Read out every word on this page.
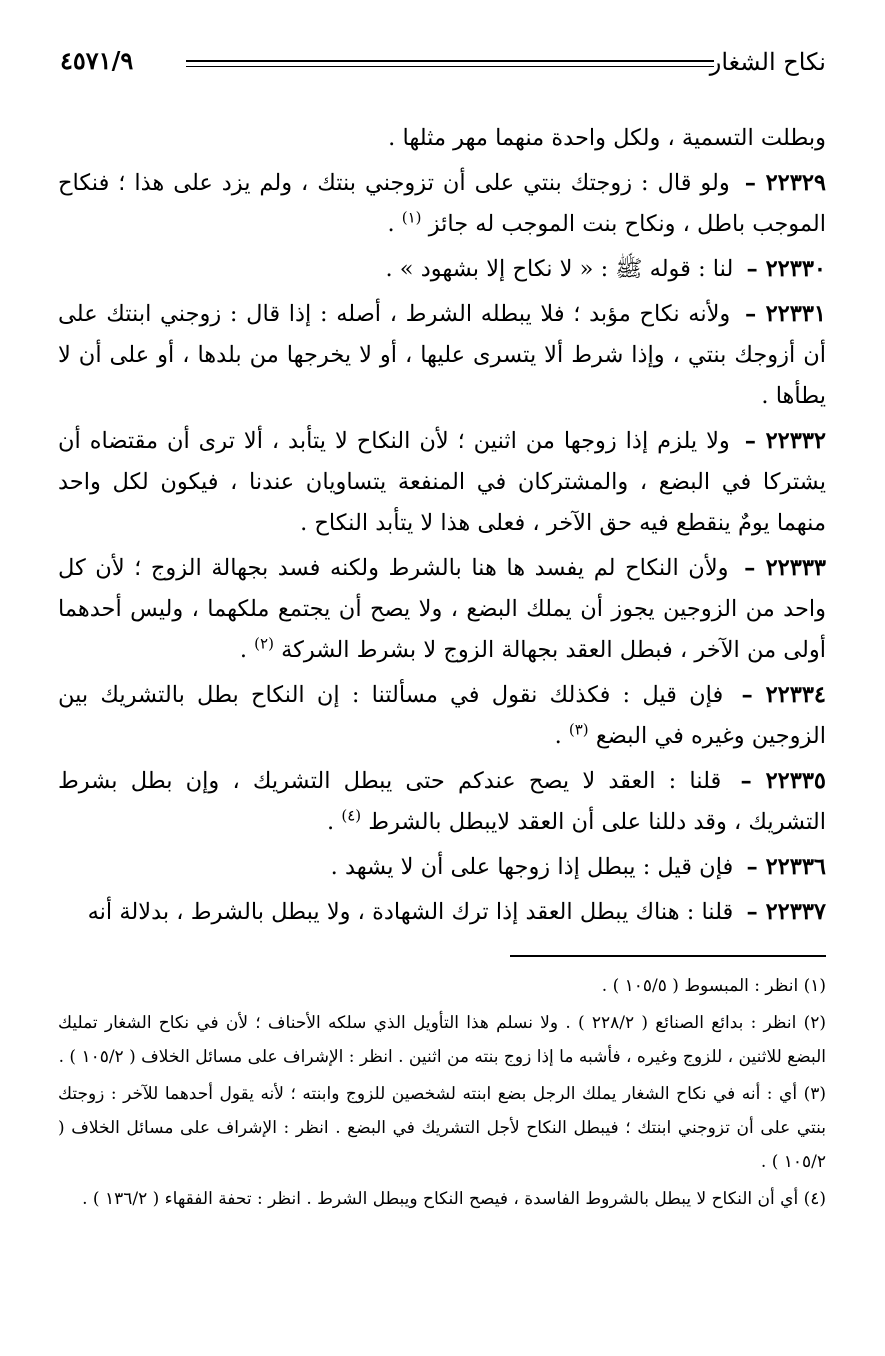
نكاح الشغار
٤٥٧١/٩

وبطلت التسمية ، ولكل واحدة منهما مهر مثلها .

٢٢٣٢٩ – ولو قال : زوجتك بنتي على أن تزوجني بنتك ، ولم يزد على هذا ؛ فنكاح الموجب باطل ، ونكاح بنت الموجب له جائز $^{(١)}$ .

٢٢٣٣٠ – لنا : قوله ﷺ : « لا نكاح إلا بشهود » .

٢٢٣٣١ – ولأنه نكاح مؤبد ؛ فلا يبطله الشرط ، أصله : إذا قال : زوجني ابنتك على أن أزوجك بنتي ، وإذا شرط ألا يتسرى عليها ، أو لا يخرجها من بلدها ، أو على أن لا يطأها .

٢٢٣٣٢ – ولا يلزم إذا زوجها من اثنين ؛ لأن النكاح لا يتأبد ، ألا ترى أن مقتضاه أن يشتركا في البضع ، والمشتركان في المنفعة يتساويان عندنا ، فيكون لكل واحد منهما يومٌ ينقطع فيه حق الآخر ، فعلى هذا لا يتأبد النكاح .

٢٢٣٣٣ – ولأن النكاح لم يفسد ها هنا بالشرط ولكنه فسد بجهالة الزوج ؛ لأن كل واحد من الزوجين يجوز أن يملك البضع ، ولا يصح أن يجتمع ملكهما ، وليس أحدهما أولى من الآخر ، فبطل العقد بجهالة الزوج لا بشرط الشركة $^{(٢)}$ .

٢٢٣٣٤ – فإن قيل : فكذلك نقول في مسألتنا : إن النكاح بطل بالتشريك بين الزوجين وغيره في البضع $^{(٣)}$ .

٢٢٣٣٥ – قلنا : العقد لا يصح عندكم حتى يبطل التشريك ، وإن بطل بشرط التشريك ، وقد دللنا على أن العقد لايبطل بالشرط $^{(٤)}$ .

٢٢٣٣٦ – فإن قيل : يبطل إذا زوجها على أن لا يشهد .

٢٢٣٣٧ – قلنا : هناك يبطل العقد إذا ترك الشهادة ، ولا يبطل بالشرط ، بدلالة أنه

(١) انظر : المبسوط ( ١٠٥/٥ ) .

(٢) انظر : بدائع الصنائع ( ٢٢٨/٢ ) . ولا نسلم هذا التأويل الذي سلكه الأحناف ؛ لأن في نكاح الشغار تمليك البضع للاثنين ، للزوج وغيره ، فأشبه ما إذا زوج بنته من اثنين . انظر : الإشراف على مسائل الخلاف ( ١٠٥/٢ ) .

(٣) أي : أنه في نكاح الشغار يملك الرجل بضع ابنته لشخصين للزوج وابنته ؛ لأنه يقول أحدهما للآخر : زوجتك بنتي على أن تزوجني ابنتك ؛ فيبطل النكاح لأجل التشريك في البضع . انظر : الإشراف على مسائل الخلاف ( ١٠٥/٢ ) .

(٤) أي أن النكاح لا يبطل بالشروط الفاسدة ، فيصح النكاح ويبطل الشرط . انظر : تحفة الفقهاء ( ١٣٦/٢ ) .
